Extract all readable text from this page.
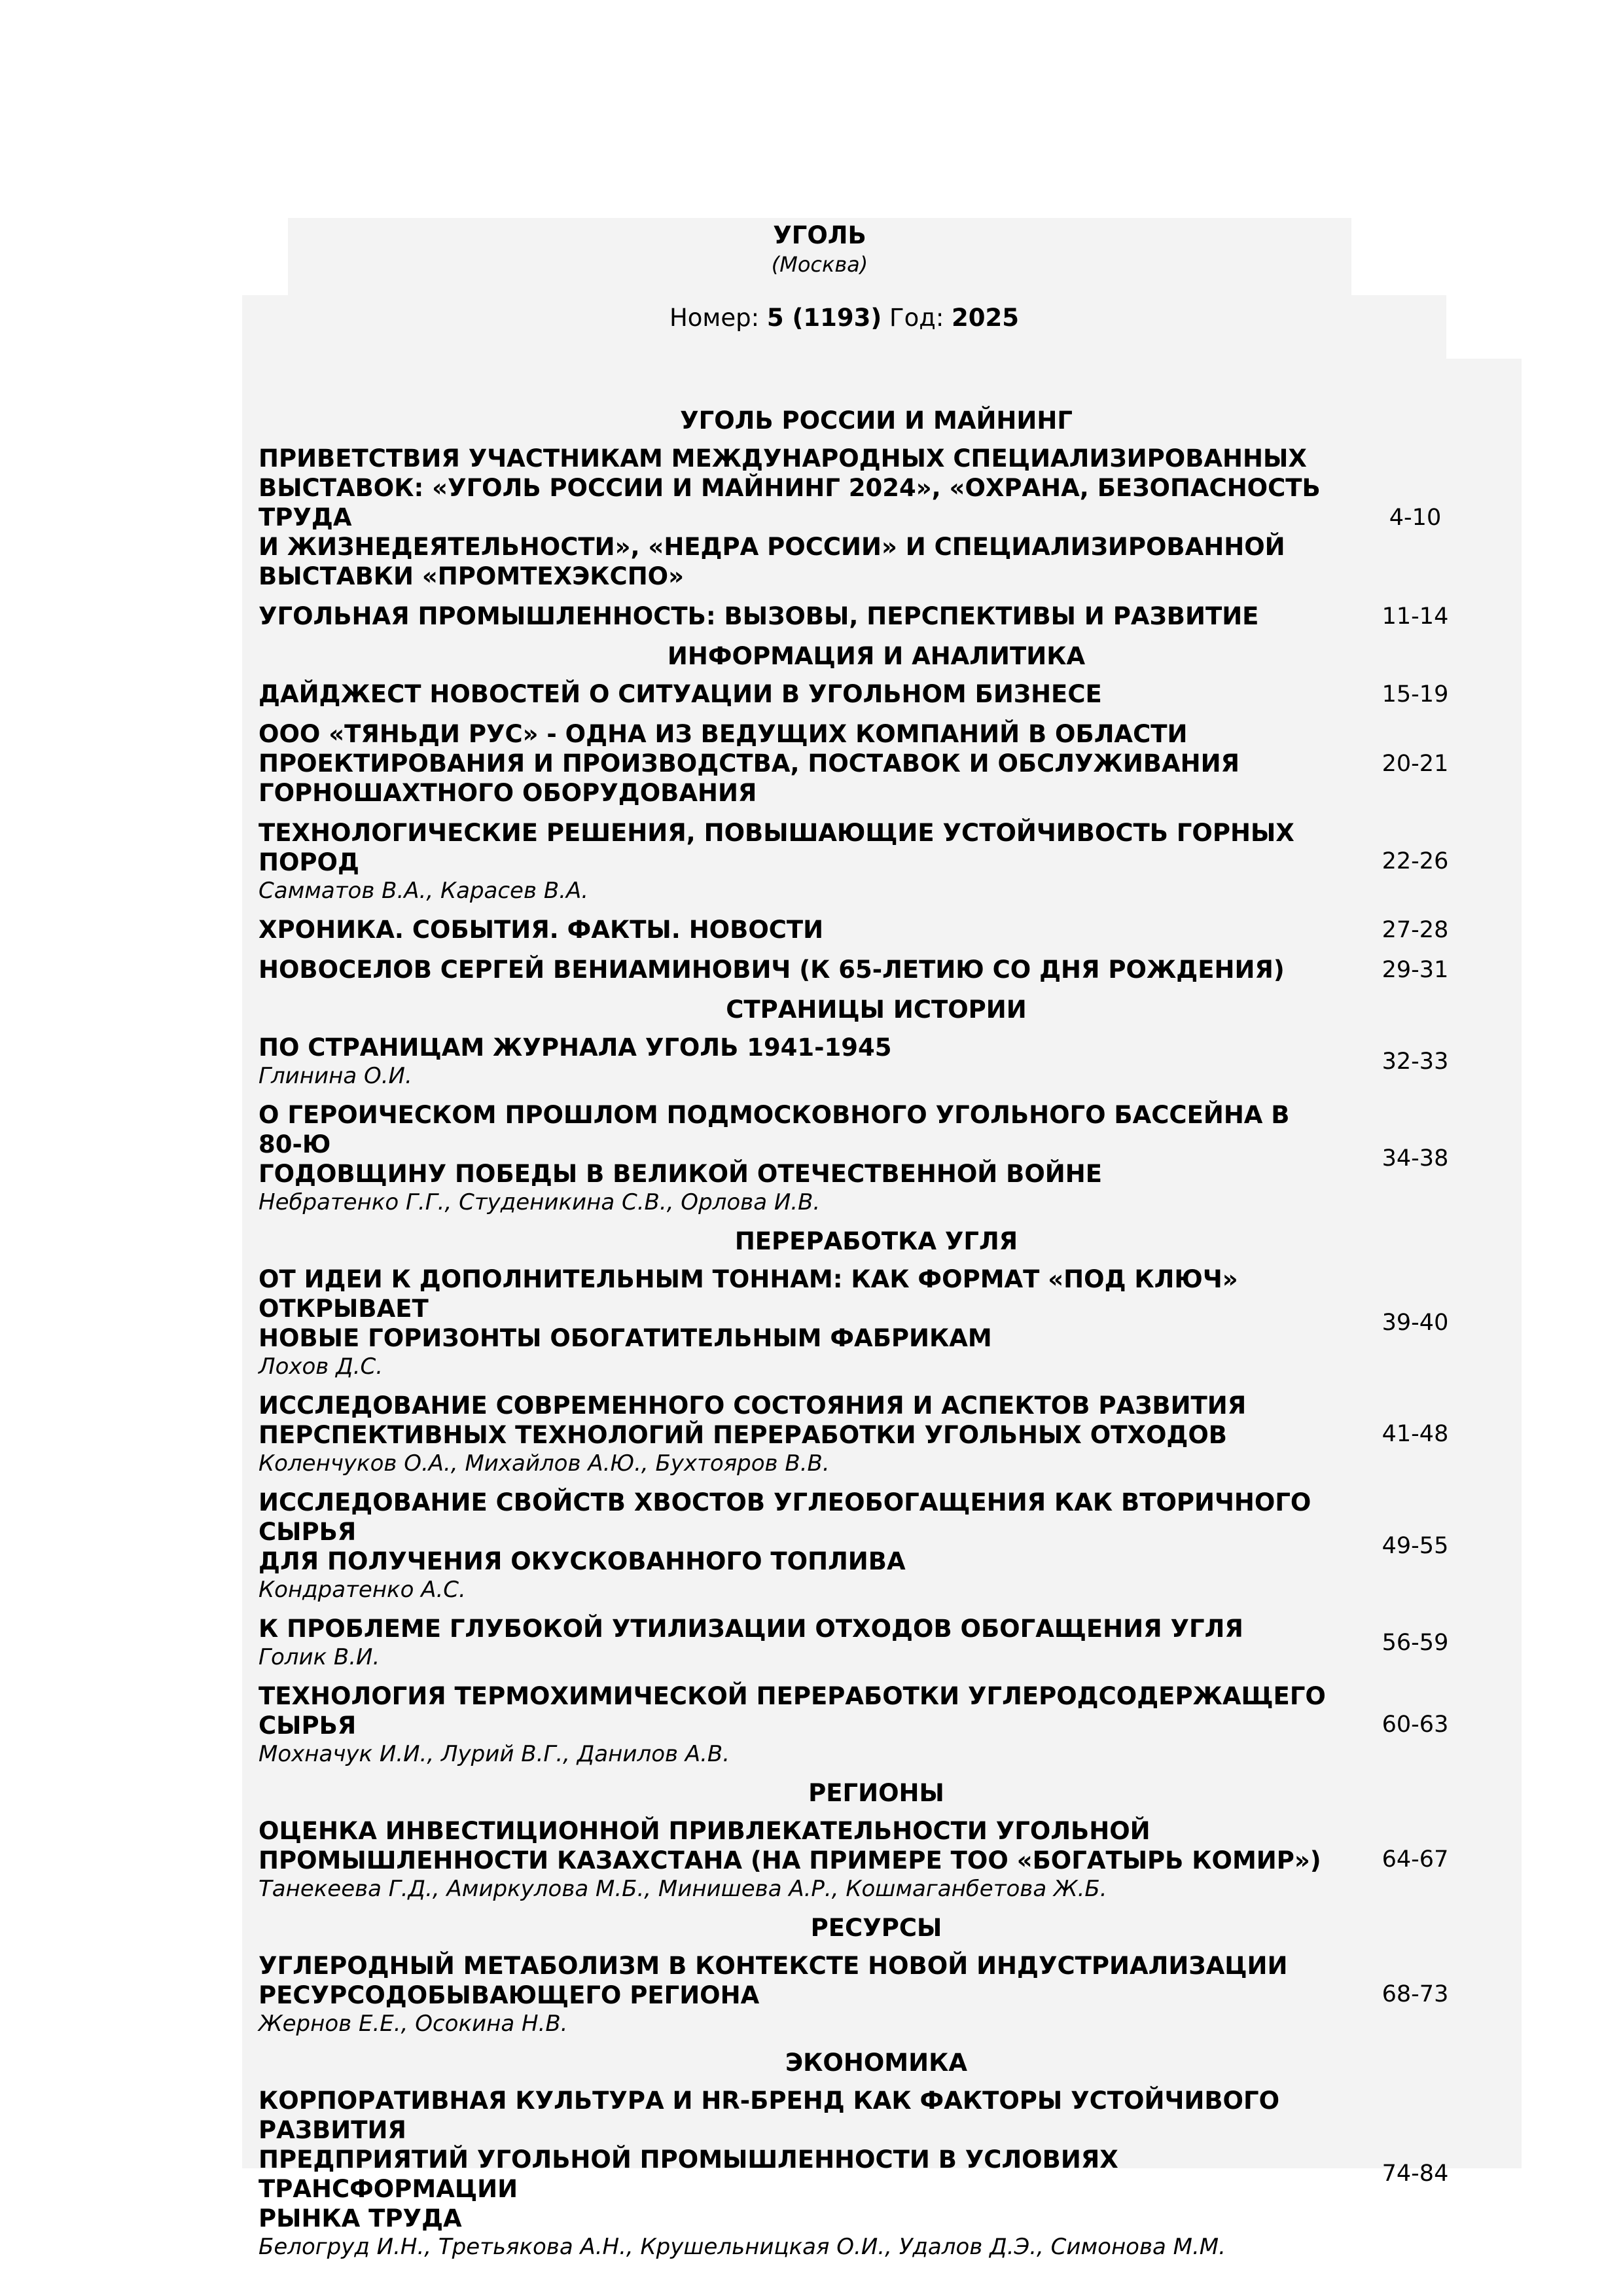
УГОЛЬ
(Москва)
Номер: 5 (1193) Год: 2025
УГОЛЬ РОССИИ И МАЙНИНГ
ПРИВЕТСТВИЯ УЧАСТНИКАМ МЕЖДУНАРОДНЫХ СПЕЦИАЛИЗИРОВАННЫХ
ВЫСТАВОК: «УГОЛЬ РОССИИ И МАЙНИНГ 2024», «ОХРАНА, БЕЗОПАСНОСТЬ ТРУДА
И ЖИЗНЕДЕЯТЕЛЬНОСТИ», «НЕДРА РОССИИ» И СПЕЦИАЛИЗИРОВАННОЙ
ВЫСТАВКИ «ПРОМТЕХЭКСПО»
4-10
УГОЛЬНАЯ ПРОМЫШЛЕННОСТЬ: ВЫЗОВЫ, ПЕРСПЕКТИВЫ И РАЗВИТИЕ	11-14
ИНФОРМАЦИЯ И АНАЛИТИКА
ДАЙДЖЕСТ НОВОСТЕЙ О СИТУАЦИИ В УГОЛЬНОМ БИЗНЕСЕ	15-19
ООО «ТЯНЬДИ РУС» - ОДНА ИЗ ВЕДУЩИХ КОМПАНИЙ В ОБЛАСТИ
ПРОЕКТИРОВАНИЯ И ПРОИЗВОДСТВА, ПОСТАВОК И ОБСЛУЖИВАНИЯ
ГОРНОШАХТНОГО ОБОРУДОВАНИЯ
20-21
ТЕХНОЛОГИЧЕСКИЕ РЕШЕНИЯ, ПОВЫШАЮЩИЕ УСТОЙЧИВОСТЬ ГОРНЫХ ПОРОД
Самматов В.А., Карасев В.А.
22-26
ХРОНИКА. СОБЫТИЯ. ФАКТЫ. НОВОСТИ	27-28
НОВОСЕЛОВ СЕРГЕЙ ВЕНИАМИНОВИЧ (К 65-ЛЕТИЮ СО ДНЯ РОЖДЕНИЯ)	29-31
СТРАНИЦЫ ИСТОРИИ
ПО СТРАНИЦАМ ЖУРНАЛА УГОЛЬ 1941-1945
Глинина О.И.
32-33
О ГЕРОИЧЕСКОМ ПРОШЛОМ ПОДМОСКОВНОГО УГОЛЬНОГО БАССЕЙНА В 80-Ю
ГОДОВЩИНУ ПОБЕДЫ В ВЕЛИКОЙ ОТЕЧЕСТВЕННОЙ ВОЙНЕ
Небратенко Г.Г., Студеникина С.В., Орлова И.В.
34-38
ПЕРЕРАБОТКА УГЛЯ
ОТ ИДЕИ К ДОПОЛНИТЕЛЬНЫМ ТОННАМ: КАК ФОРМАТ «ПОД КЛЮЧ» ОТКРЫВАЕТ
НОВЫЕ ГОРИЗОНТЫ ОБОГАТИТЕЛЬНЫМ ФАБРИКАМ
Лохов Д.С.
39-40
ИССЛЕДОВАНИЕ СОВРЕМЕННОГО СОСТОЯНИЯ И АСПЕКТОВ РАЗВИТИЯ
ПЕРСПЕКТИВНЫХ ТЕХНОЛОГИЙ ПЕРЕРАБОТКИ УГОЛЬНЫХ ОТХОДОВ
Коленчуков О.А., Михайлов А.Ю., Бухтояров В.В.
41-48
ИССЛЕДОВАНИЕ СВОЙСТВ ХВОСТОВ УГЛЕОБОГАЩЕНИЯ КАК ВТОРИЧНОГО СЫРЬЯ
ДЛЯ ПОЛУЧЕНИЯ ОКУСКОВАННОГО ТОПЛИВА
Кондратенко А.С.
49-55
К ПРОБЛЕМЕ ГЛУБОКОЙ УТИЛИЗАЦИИ ОТХОДОВ ОБОГАЩЕНИЯ УГЛЯ
Голик В.И.
56-59
ТЕХНОЛОГИЯ ТЕРМОХИМИЧЕСКОЙ ПЕРЕРАБОТКИ УГЛЕРОДСОДЕРЖАЩЕГО СЫРЬЯ
Мохначук И.И., Лурий В.Г., Данилов А.В.
60-63
РЕГИОНЫ
ОЦЕНКА ИНВЕСТИЦИОННОЙ ПРИВЛЕКАТЕЛЬНОСТИ УГОЛЬНОЙ
ПРОМЫШЛЕННОСТИ КАЗАХСТАНА (НА ПРИМЕРЕ ТОО «БОГАТЫРЬ КОМИР»)
Танекеева Г.Д., Амиркулова М.Б., Минишева А.Р., Кошмаганбетова Ж.Б.
64-67
РЕСУРСЫ
УГЛЕРОДНЫЙ МЕТАБОЛИЗМ В КОНТЕКСТЕ НОВОЙ ИНДУСТРИАЛИЗАЦИИ
РЕСУРСОДОБЫВАЮЩЕГО РЕГИОНА
Жернов Е.Е., Осокина Н.В.
68-73
ЭКОНОМИКА
КОРПОРАТИВНАЯ КУЛЬТУРА И HR-БРЕНД КАК ФАКТОРЫ УСТОЙЧИВОГО РАЗВИТИЯ
ПРЕДПРИЯТИЙ УГОЛЬНОЙ ПРОМЫШЛЕННОСТИ В УСЛОВИЯХ ТРАНСФОРМАЦИИ
РЫНКА ТРУДА
Белогруд И.Н., Третьякова А.Н., Крушельницкая О.И., Удалов Д.Э., Симонова М.М.
74-84
